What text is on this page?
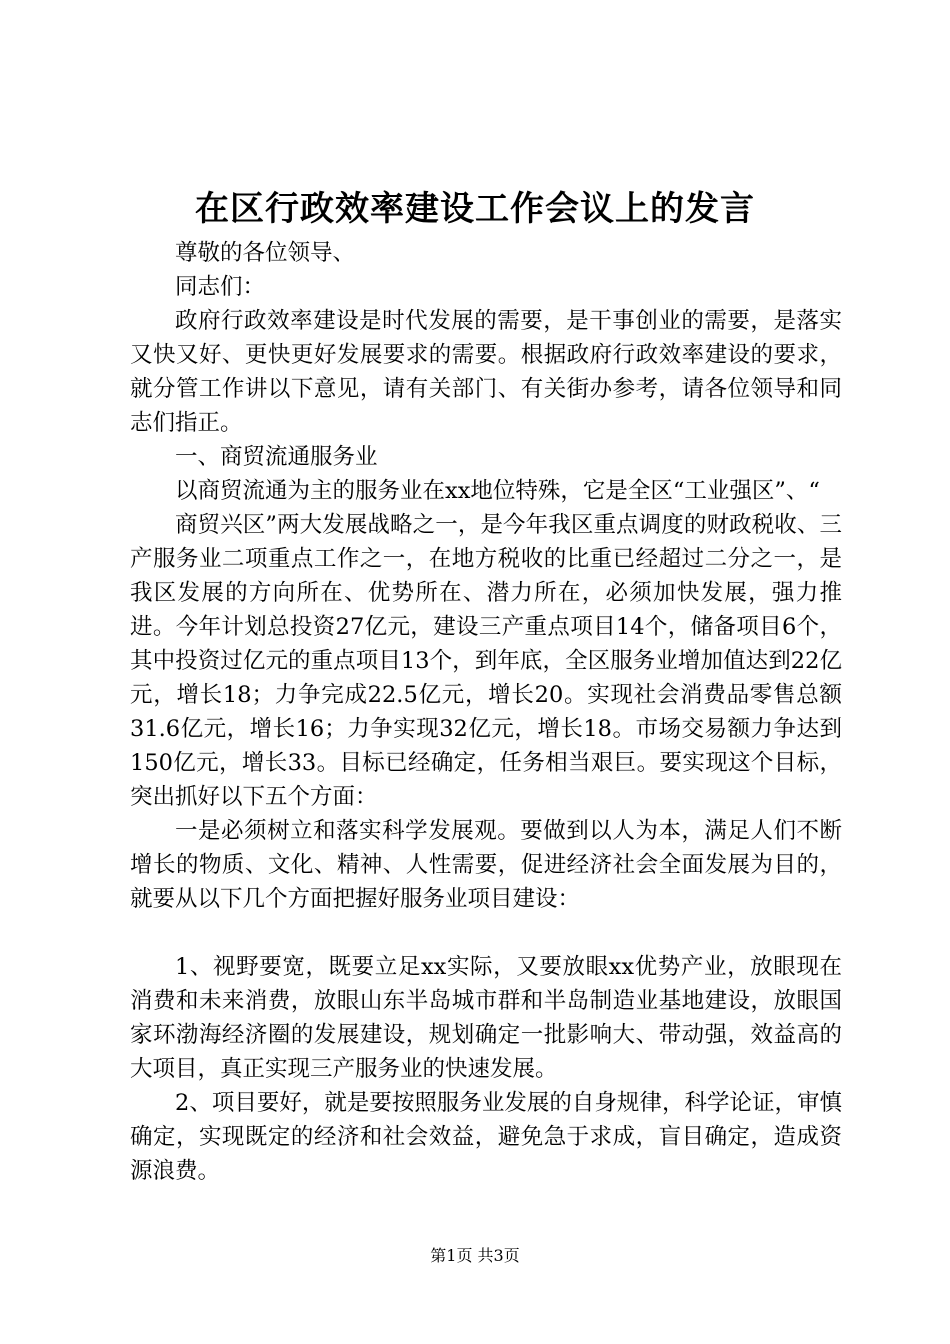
在区行政效率建设工作会议上的发言

尊敬的各位领导、

同志们：

政府行政效率建设是时代发展的需要，是干事创业的需要，是落实又快又好、更快更好发展要求的需要。根据政府行政效率建设的要求，就分管工作讲以下意见，请有关部门、有关街办参考，请各位领导和同志们指正。

一、商贸流通服务业

以商贸流通为主的服务业在xx地位特殊，它是全区“工业强区”、“

商贸兴区”两大发展战略之一，是今年我区重点调度的财政税收、三产服务业二项重点工作之一，在地方税收的比重已经超过二分之一，是我区发展的方向所在、优势所在、潜力所在，必须加快发展，强力推进。今年计划总投资27亿元，建设三产重点项目14个，储备项目6个，其中投资过亿元的重点项目13个，到年底，全区服务业增加值达到22亿元，增长18；力争完成22.5亿元，增长20。实现社会消费品零售总额31.6亿元，增长16；力争实现32亿元，增长18。市场交易额力争达到150亿元，增长33。目标已经确定，任务相当艰巨。要实现这个目标，突出抓好以下五个方面：

一是必须树立和落实科学发展观。要做到以人为本，满足人们不断增长的物质、文化、精神、人性需要，促进经济社会全面发展为目的，就要从以下几个方面把握好服务业项目建设：

1、视野要宽，既要立足xx实际，又要放眼xx优势产业，放眼现在消费和未来消费，放眼山东半岛城市群和半岛制造业基地建设，放眼国家环渤海经济圈的发展建设，规划确定一批影响大、带动强，效益高的大项目，真正实现三产服务业的快速发展。

2、项目要好，就是要按照服务业发展的自身规律，科学论证，审慎确定，实现既定的经济和社会效益，避免急于求成，盲目确定，造成资源浪费。

第1页 共3页
